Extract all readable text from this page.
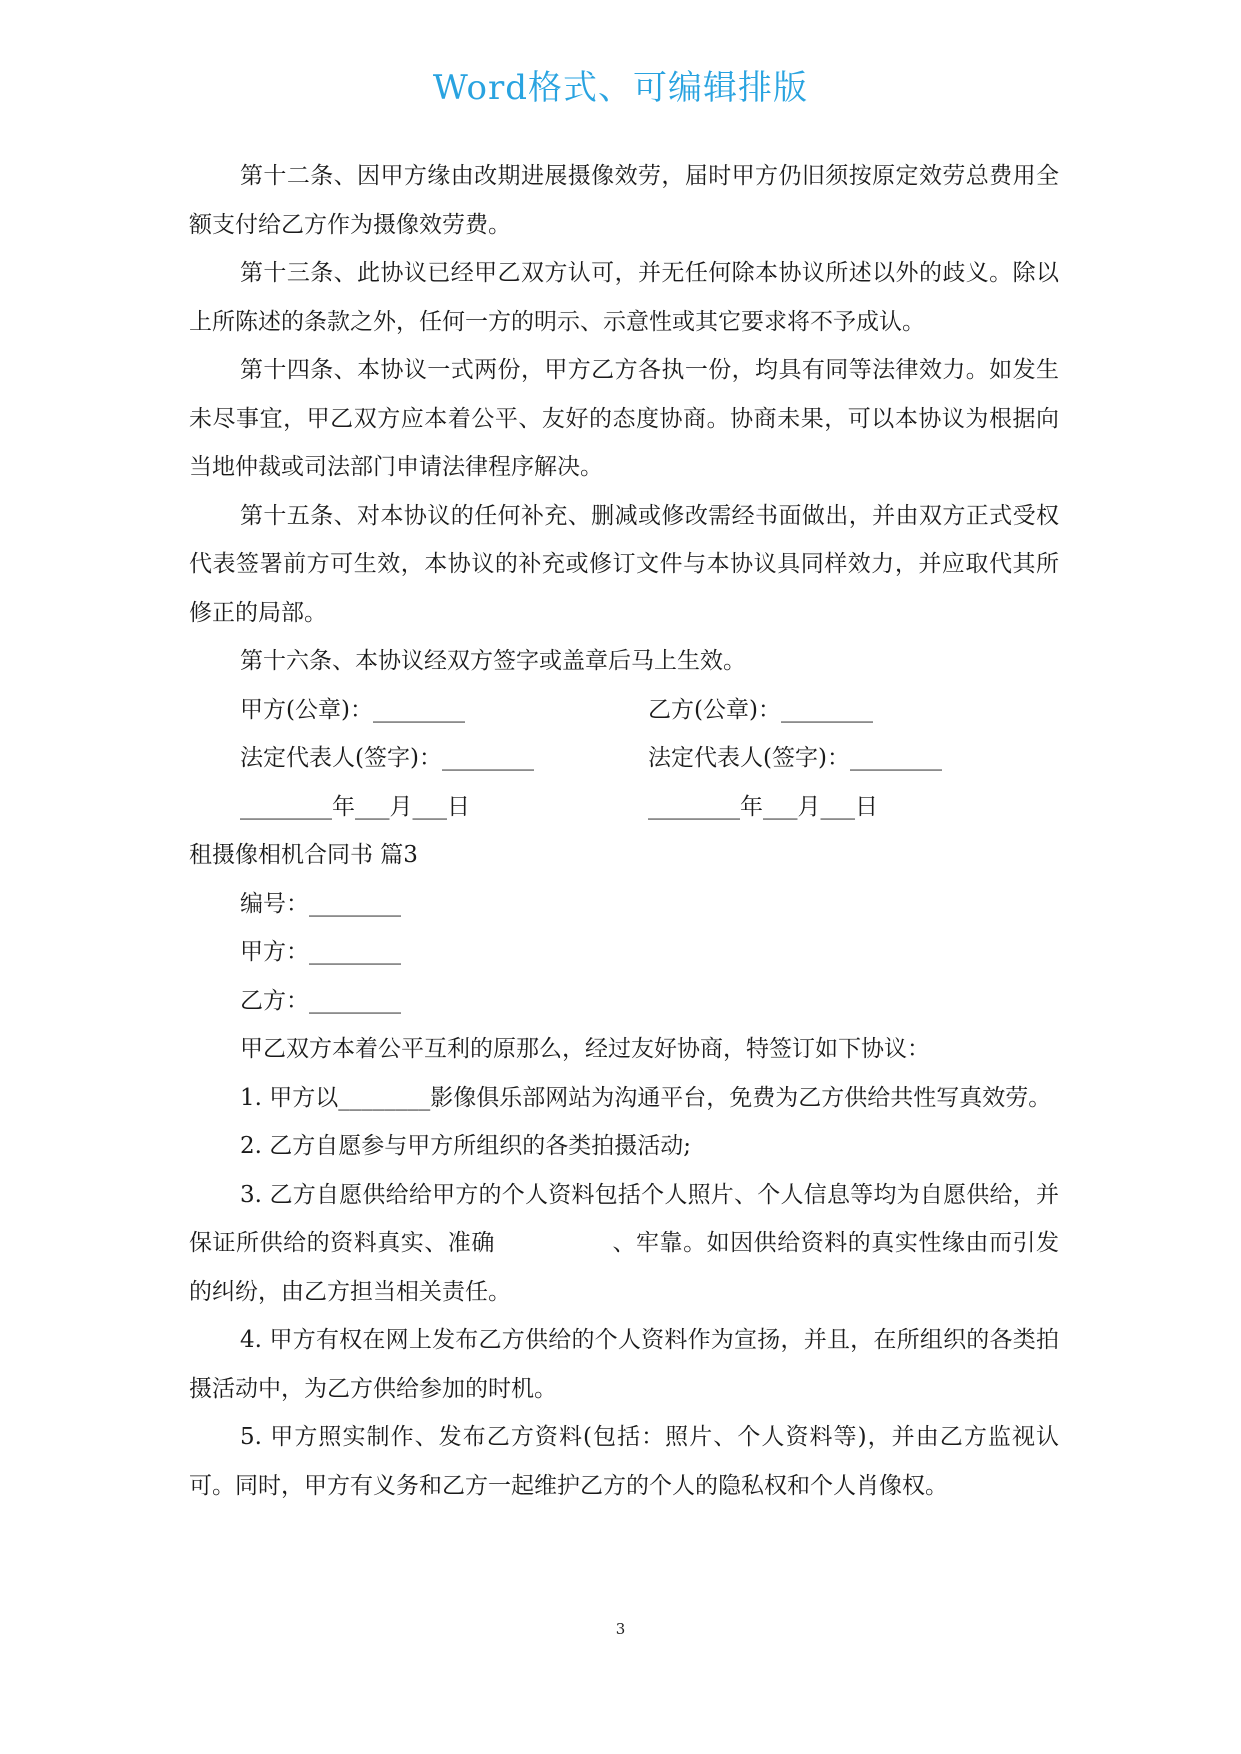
Word格式、可编辑排版

第十二条、因甲方缘由改期进展摄像效劳，届时甲方仍旧须按原定效劳总费用全额支付给乙方作为摄像效劳费。

第十三条、此协议已经甲乙双方认可，并无任何除本协议所述以外的歧义。除以上所陈述的条款之外，任何一方的明示、示意性或其它要求将不予成认。

第十四条、本协议一式两份，甲方乙方各执一份，均具有同等法律效力。如发生未尽事宜，甲乙双方应本着公平、友好的态度协商。协商未果，可以本协议为根据向当地仲裁或司法部门申请法律程序解决。

第十五条、对本协议的任何补充、删减或修改需经书面做出，并由双方正式受权代表签署前方可生效，本协议的补充或修订文件与本协议具同样效力，并应取代其所修正的局部。

第十六条、本协议经双方签字或盖章后马上生效。

甲方(公章)：________	乙方(公章)：________
法定代表人(签字)：________	法定代表人(签字)：________
________年___月___日	________年___月___日

租摄像相机合同书 篇3

编号：________

甲方：________

乙方：________

甲乙双方本着公平互利的原那么，经过友好协商，特签订如下协议：

1. 甲方以________影像俱乐部网站为沟通平台，免费为乙方供给共性写真效劳。

2. 乙方自愿参与甲方所组织的各类拍摄活动;

3. 乙方自愿供给给甲方的个人资料包括个人照片、个人信息等均为自愿供给，并保证所供给的资料真实、准确　　　　　、牢靠。如因供给资料的真实性缘由而引发的纠纷，由乙方担当相关责任。

4. 甲方有权在网上发布乙方供给的个人资料作为宣扬，并且，在所组织的各类拍摄活动中，为乙方供给参加的时机。

5. 甲方照实制作、发布乙方资料(包括：照片、个人资料等)，并由乙方监视认可。同时，甲方有义务和乙方一起维护乙方的个人的隐私权和个人肖像权。

3
